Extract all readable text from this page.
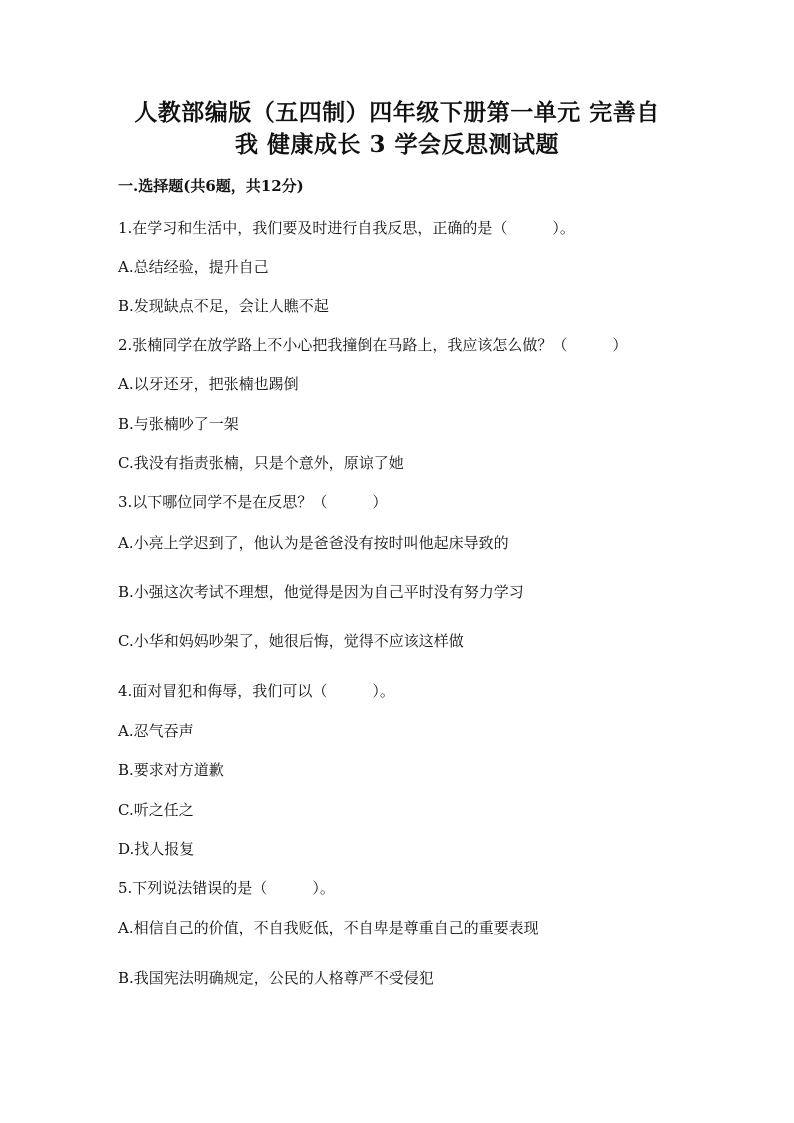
人教部编版（五四制）四年级下册第一单元 完善自
我 健康成长 3 学会反思测试题
一.选择题(共6题，共12分)
1.在学习和生活中，我们要及时进行自我反思，正确的是（　　　）。
A.总结经验，提升自己
B.发现缺点不足，会让人瞧不起
2.张楠同学在放学路上不小心把我撞倒在马路上，我应该怎么做？（　　　）
A.以牙还牙，把张楠也踢倒
B.与张楠吵了一架
C.我没有指责张楠，只是个意外，原谅了她
3.以下哪位同学不是在反思？（　　　）
A.小亮上学迟到了，他认为是爸爸没有按时叫他起床导致的
B.小强这次考试不理想，他觉得是因为自己平时没有努力学习
C.小华和妈妈吵架了，她很后悔，觉得不应该这样做
4.面对冒犯和侮辱，我们可以（　　　）。
A.忍气吞声
B.要求对方道歉
C.听之任之
D.找人报复
5.下列说法错误的是（　　　）。
A.相信自己的价值，不自我贬低，不自卑是尊重自己的重要表现
B.我国宪法明确规定，公民的人格尊严不受侵犯
